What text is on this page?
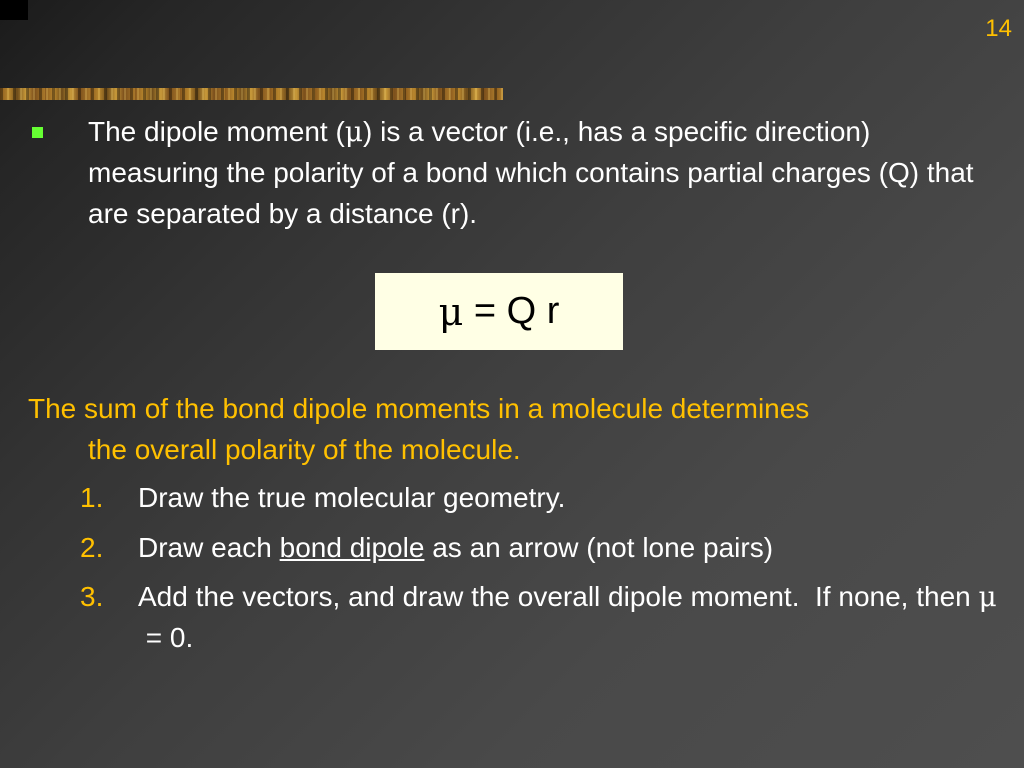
14
The dipole moment (μ) is a vector (i.e., has a specific direction) measuring the polarity of a bond which contains partial charges (Q) that are separated by a distance (r).
μ = Q r
The sum of the bond dipole moments in a molecule determines
the overall polarity of the molecule.
1. Draw the true molecular geometry.
2. Draw each bond dipole as an arrow (not lone pairs)
3. Add the vectors, and draw the overall dipole moment.  If none, then μ = 0.
